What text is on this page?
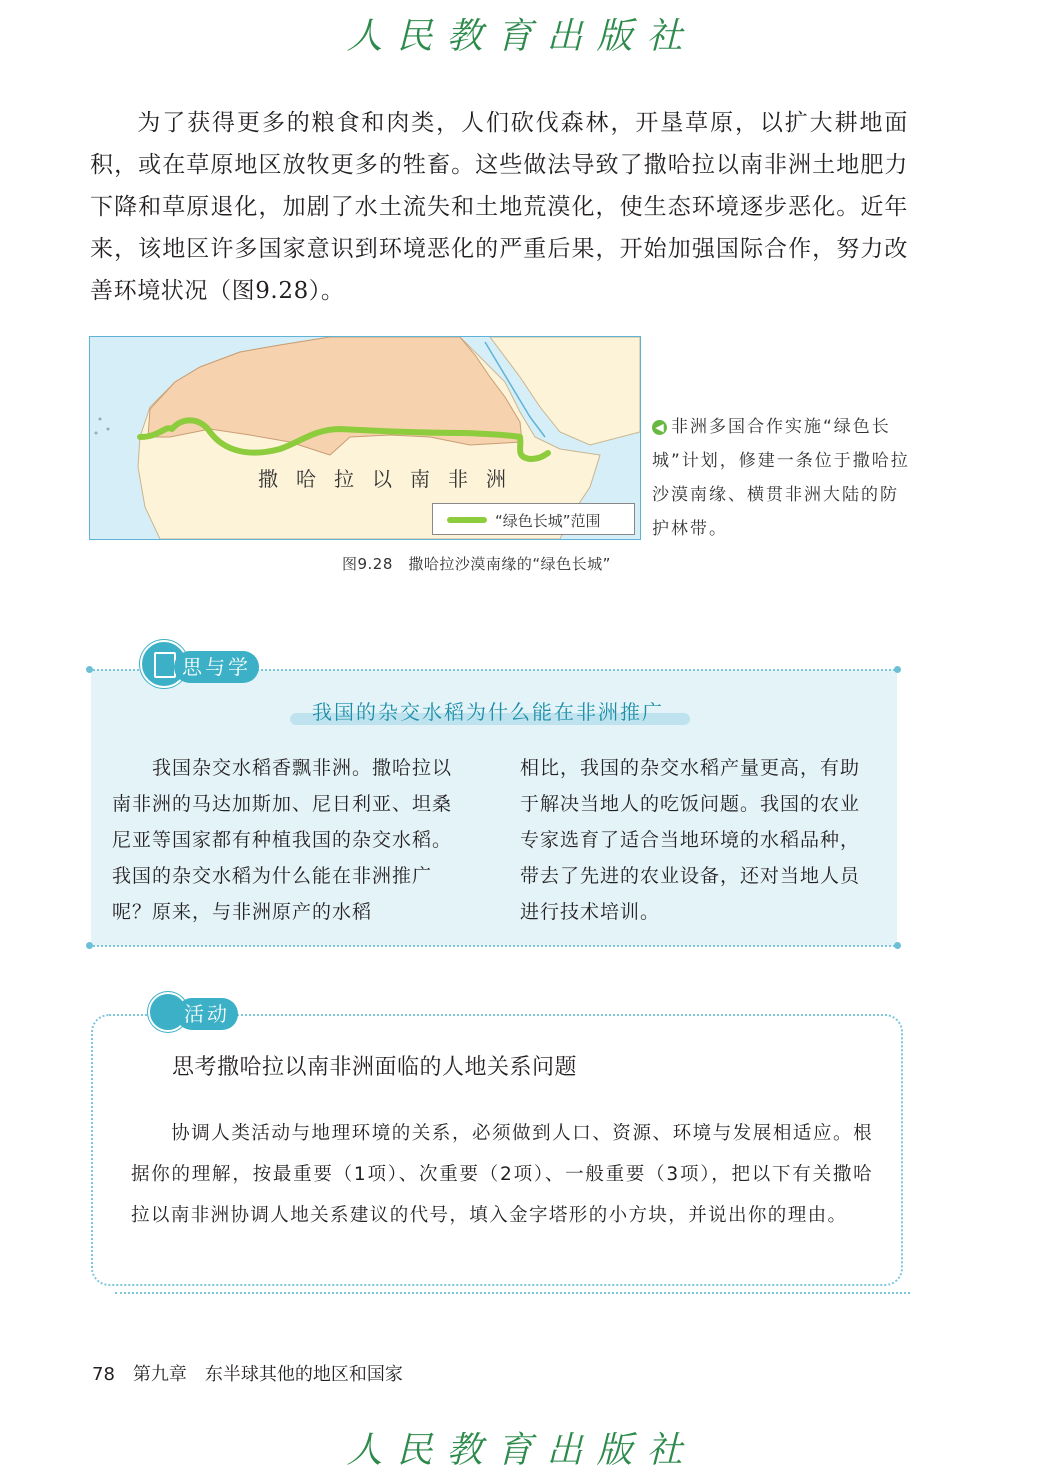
人民教育出版社
为了获得更多的粮食和肉类，人们砍伐森林，开垦草原，以扩大耕地面积，或在草原地区放牧更多的牲畜。这些做法导致了撒哈拉以南非洲土地肥力下降和草原退化，加剧了水土流失和土地荒漠化，使生态环境逐步恶化。近年来，该地区许多国家意识到环境恶化的严重后果，开始加强国际合作，努力改善环境状况（图9.28）。
撒哈拉以南非洲
“绿色长城”范围
◀ 非洲多国合作实施“绿色长城”计划，修建一条位于撒哈拉沙漠南缘、横贯非洲大陆的防护林带。
图9.28　撒哈拉沙漠南缘的“绿色长城”
思与学
我国的杂交水稻为什么能在非洲推广
我国杂交水稻香飘非洲。撒哈拉以南非洲的马达加斯加、尼日利亚、坦桑尼亚等国家都有种植我国的杂交水稻。我国的杂交水稻为什么能在非洲推广呢？原来，与非洲原产的水稻
相比，我国的杂交水稻产量更高，有助于解决当地人的吃饭问题。我国的农业专家选育了适合当地环境的水稻品种，带去了先进的农业设备，还对当地人员进行技术培训。
活动
思考撒哈拉以南非洲面临的人地关系问题
协调人类活动与地理环境的关系，必须做到人口、资源、环境与发展相适应。根据你的理解，按最重要（1项）、次重要（2项）、一般重要（3项），把以下有关撒哈拉以南非洲协调人地关系建议的代号，填入金字塔形的小方块，并说出你的理由。
78 第九章　东半球其他的地区和国家
人民教育出版社
